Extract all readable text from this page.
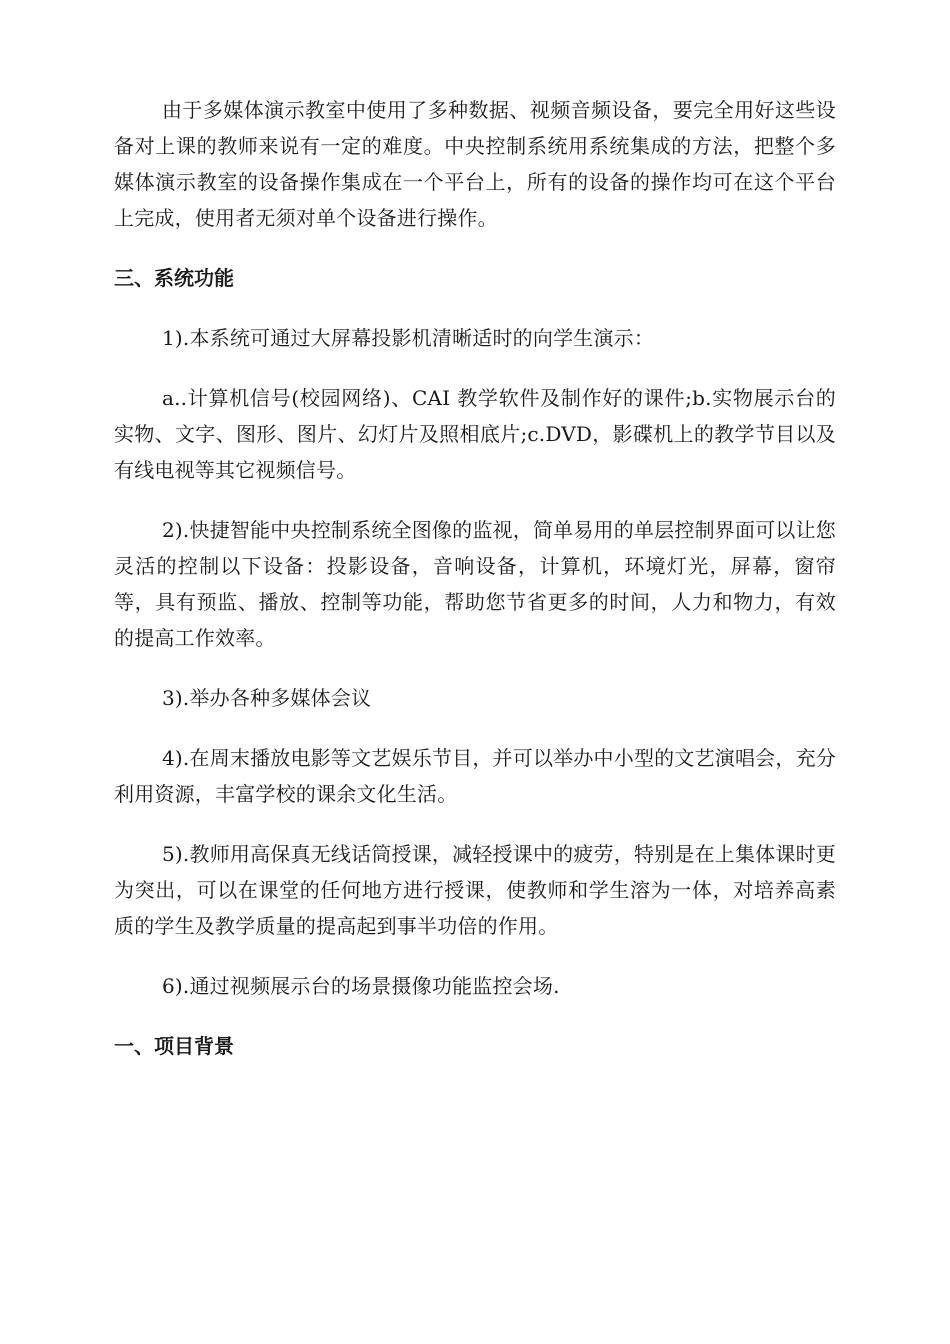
由于多媒体演示教室中使用了多种数据、视频音频设备，要完全用好这些设备对上课的教师来说有一定的难度。中央控制系统用系统集成的方法，把整个多媒体演示教室的设备操作集成在一个平台上，所有的设备的操作均可在这个平台上完成，使用者无须对单个设备进行操作。

三、系统功能

1).本系统可通过大屏幕投影机清晰适时的向学生演示：

a..计算机信号(校园网络)、CAI 教学软件及制作好的课件;b.实物展示台的实物、文字、图形、图片、幻灯片及照相底片;c.DVD，影碟机上的教学节目以及有线电视等其它视频信号。

2).快捷智能中央控制系统全图像的监视，简单易用的单层控制界面可以让您灵活的控制以下设备：投影设备，音响设备，计算机，环境灯光，屏幕，窗帘等，具有预监、播放、控制等功能，帮助您节省更多的时间，人力和物力，有效的提高工作效率。

3).举办各种多媒体会议

4).在周末播放电影等文艺娱乐节目，并可以举办中小型的文艺演唱会，充分利用资源，丰富学校的课余文化生活。

5).教师用高保真无线话筒授课，减轻授课中的疲劳，特别是在上集体课时更为突出，可以在课堂的任何地方进行授课，使教师和学生溶为一体，对培养高素质的学生及教学质量的提高起到事半功倍的作用。

6).通过视频展示台的场景摄像功能监控会场.

一、项目背景
